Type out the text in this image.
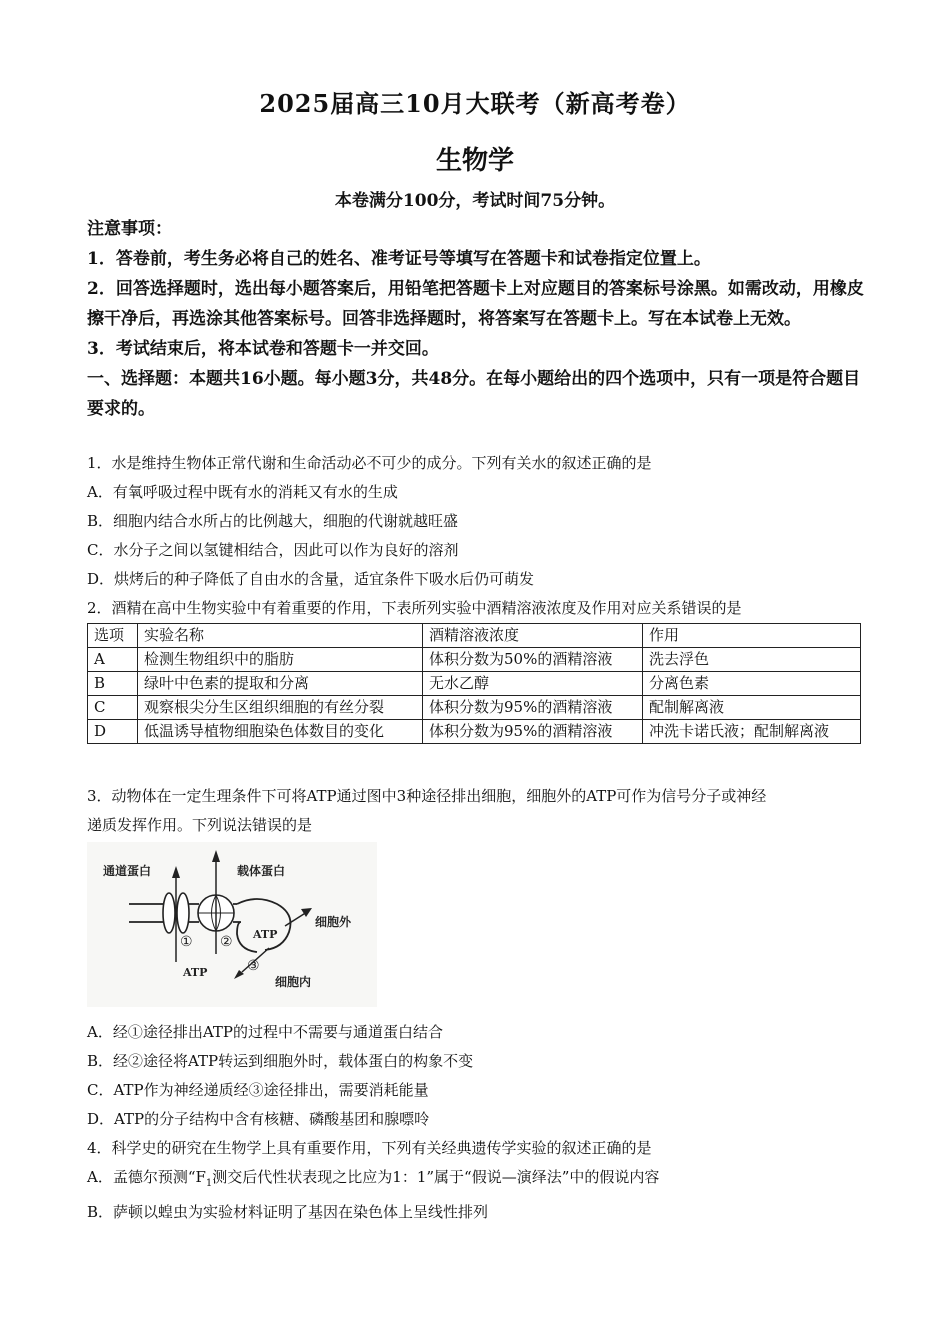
2025届高三10月大联考（新高考卷）
生物学
本卷满分100分，考试时间75分钟。

注意事项：

1．答卷前，考生务必将自己的姓名、准考证号等填写在答题卡和试卷指定位置上。

2．回答选择题时，选出每小题答案后，用铅笔把答题卡上对应题目的答案标号涂黑。如需改动，用橡皮擦干净后，再选涂其他答案标号。回答非选择题时，将答案写在答题卡上。写在本试卷上无效。

3．考试结束后，将本试卷和答题卡一并交回。

一、选择题：本题共16小题。每小题3分，共48分。在每小题给出的四个选项中，只有一项是符合题目要求的。

1．水是维持生物体正常代谢和生命活动必不可少的成分。下列有关水的叙述正确的是

A．有氧呼吸过程中既有水的消耗又有水的生成

B．细胞内结合水所占的比例越大，细胞的代谢就越旺盛

C．水分子之间以氢键相结合，因此可以作为良好的溶剂

D．烘烤后的种子降低了自由水的含量，适宜条件下吸水后仍可萌发

2．酒精在高中生物实验中有着重要的作用，下表所列实验中酒精溶液浓度及作用对应关系错误的是

选项	实验名称	酒精溶液浓度	作用
A	检测生物组织中的脂肪	体积分数为50%的酒精溶液	洗去浮色
B	绿叶中色素的提取和分离	无水乙醇	分离色素
C	观察根尖分生区组织细胞的有丝分裂	体积分数为95%的酒精溶液	配制解离液
D	低温诱导植物细胞染色体数目的变化	体积分数为95%的酒精溶液	冲洗卡诺氏液；配制解离液

3．动物体在一定生理条件下可将ATP通过图中3种途径排出细胞，细胞外的ATP可作为信号分子或神经

递质发挥作用。下列说法错误的是

通道蛋白	载体蛋白
细胞外
细胞内
ATP
ATP
① ②
③

A．经①途径排出ATP的过程中不需要与通道蛋白结合

B．经②途径将ATP转运到细胞外时，载体蛋白的构象不变

C．ATP作为神经递质经③途径排出，需要消耗能量

D．ATP的分子结构中含有核糖、磷酸基团和腺嘌呤

4．科学史的研究在生物学上具有重要作用，下列有关经典遗传学实验的叙述正确的是

A．孟德尔预测“$F_1$测交后代性状表现之比应为1：1”属于“假说—演绎法”中的假说内容

B．萨顿以蝗虫为实验材料证明了基因在染色体上呈线性排列
